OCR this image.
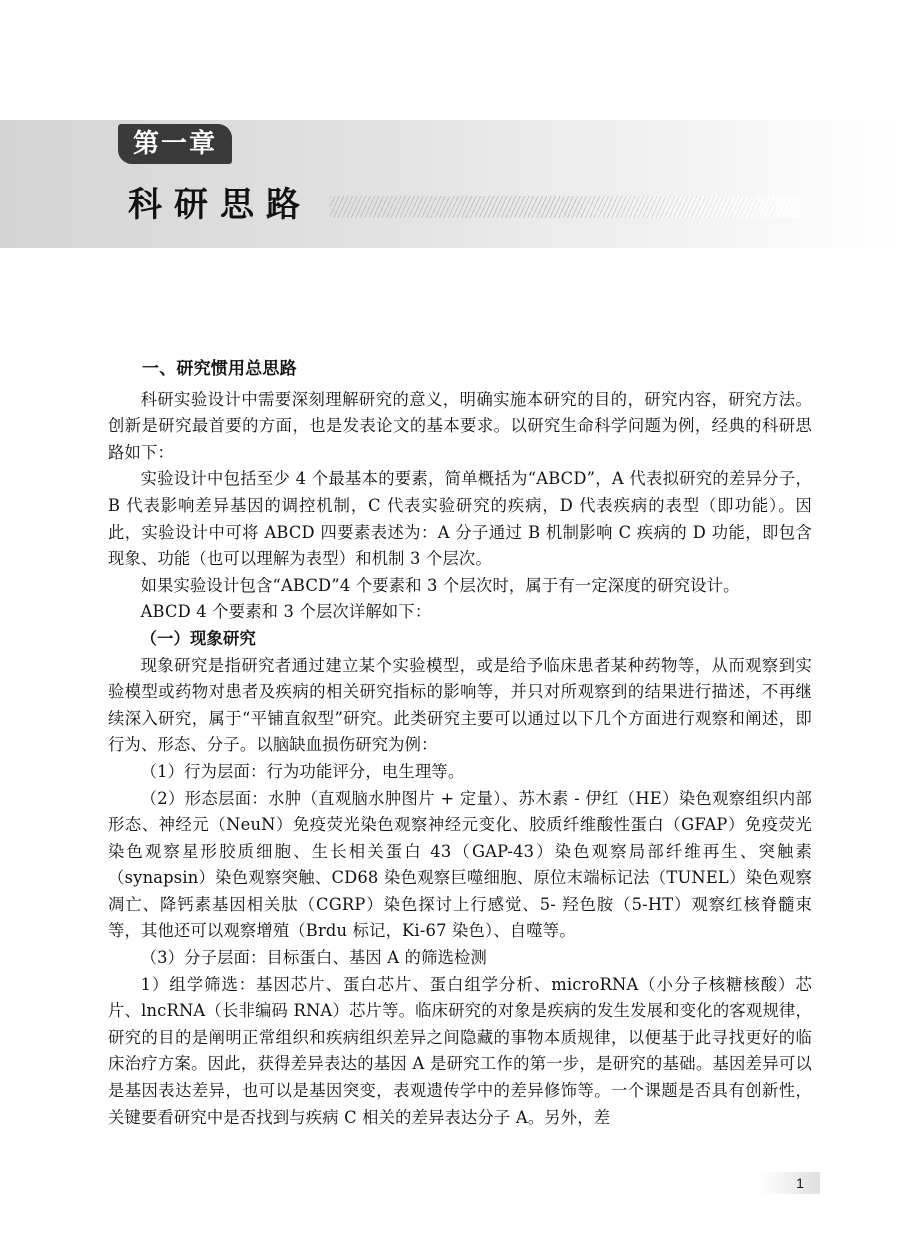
第一章
科研思路

一、研究惯用总思路

科研实验设计中需要深刻理解研究的意义，明确实施本研究的目的，研究内容，研究方法。创新是研究最首要的方面，也是发表论文的基本要求。以研究生命科学问题为例，经典的科研思路如下：

实验设计中包括至少 4 个最基本的要素，简单概括为“ABCD”，A 代表拟研究的差异分子，B 代表影响差异基因的调控机制，C 代表实验研究的疾病，D 代表疾病的表型（即功能）。因此，实验设计中可将 ABCD 四要素表述为：A 分子通过 B 机制影响 C 疾病的 D 功能，即包含现象、功能（也可以理解为表型）和机制 3 个层次。

如果实验设计包含“ABCD”4 个要素和 3 个层次时，属于有一定深度的研究设计。

ABCD 4 个要素和 3 个层次详解如下：

（一）现象研究

现象研究是指研究者通过建立某个实验模型，或是给予临床患者某种药物等，从而观察到实验模型或药物对患者及疾病的相关研究指标的影响等，并只对所观察到的结果进行描述，不再继续深入研究，属于“平铺直叙型”研究。此类研究主要可以通过以下几个方面进行观察和阐述，即行为、形态、分子。以脑缺血损伤研究为例：

（1）行为层面：行为功能评分，电生理等。

（2）形态层面：水肿（直观脑水肿图片 + 定量）、苏木素 - 伊红（HE）染色观察组织内部形态、神经元（NeuN）免疫荧光染色观察神经元变化、胶质纤维酸性蛋白（GFAP）免疫荧光染色观察星形胶质细胞、生长相关蛋白 43（GAP-43）染色观察局部纤维再生、突触素（synapsin）染色观察突触、CD68 染色观察巨噬细胞、原位末端标记法（TUNEL）染色观察凋亡、降钙素基因相关肽（CGRP）染色探讨上行感觉、5- 羟色胺（5-HT）观察红核脊髓束等，其他还可以观察增殖（Brdu 标记，Ki-67 染色）、自噬等。

（3）分子层面：目标蛋白、基因 A 的筛选检测

1）组学筛选：基因芯片、蛋白芯片、蛋白组学分析、microRNA（小分子核糖核酸）芯片、lncRNA（长非编码 RNA）芯片等。临床研究的对象是疾病的发生发展和变化的客观规律，研究的目的是阐明正常组织和疾病组织差异之间隐藏的事物本质规律，以便基于此寻找更好的临床治疗方案。因此，获得差异表达的基因 A 是研究工作的第一步，是研究的基础。基因差异可以是基因表达差异，也可以是基因突变，表观遗传学中的差异修饰等。一个课题是否具有创新性，关键要看研究中是否找到与疾病 C 相关的差异表达分子 A。另外，差

1
